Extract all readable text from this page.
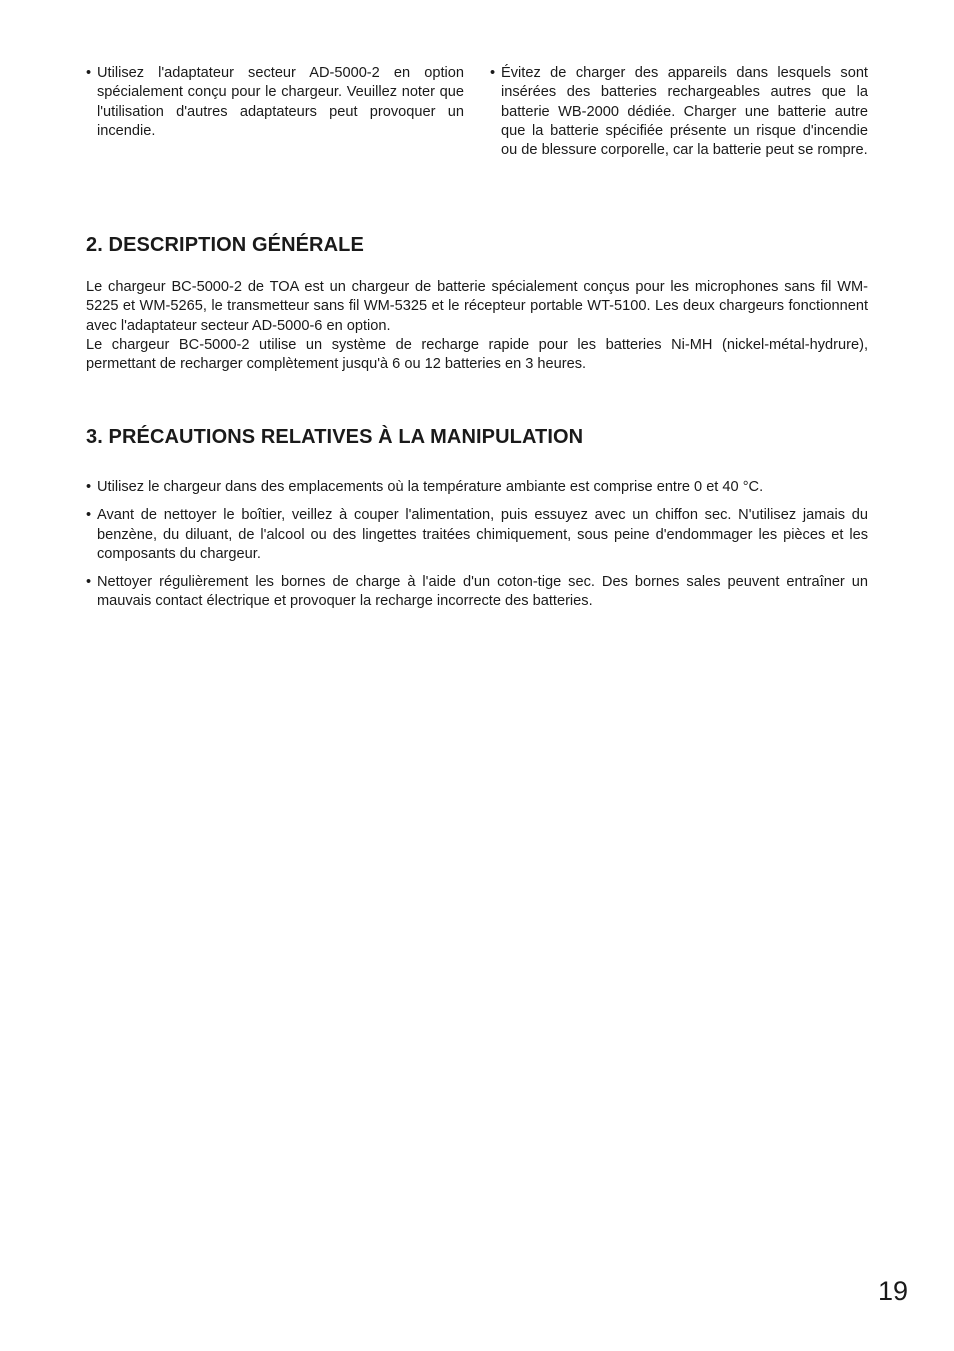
• Utilisez l'adaptateur secteur AD-5000-2 en option spécialement conçu pour le chargeur. Veuillez noter que l'utilisation d'autres adaptateurs peut provoquer un incendie.
• Évitez de charger des appareils dans lesquels sont insérées des batteries rechargeables autres que la batterie WB-2000 dédiée. Charger une batterie autre que la batterie spécifiée présente un risque d'incendie ou de blessure corporelle, car la batterie peut se rompre.
2. DESCRIPTION GÉNÉRALE

Le chargeur BC-5000-2 de TOA est un chargeur de batterie spécialement conçus pour les microphones sans fil WM-5225 et WM-5265, le transmetteur sans fil WM-5325 et le récepteur portable WT-5100. Les deux chargeurs fonctionnent avec l'adaptateur secteur AD-5000-6 en option.

Le chargeur BC-5000-2 utilise un système de recharge rapide pour les batteries Ni-MH (nickel-métal-hydrure), permettant de recharger complètement jusqu'à 6 ou 12 batteries en 3 heures.

3. PRÉCAUTIONS RELATIVES À LA MANIPULATION
• Utilisez le chargeur dans des emplacements où la température ambiante est comprise entre 0 et 40 °C.
• Avant de nettoyer le boîtier, veillez à couper l'alimentation, puis essuyez avec un chiffon sec. N'utilisez jamais du benzène, du diluant, de l'alcool ou des lingettes traitées chimiquement, sous peine d'endommager les pièces et les composants du chargeur.
• Nettoyer régulièrement les bornes de charge à l'aide d'un coton-tige sec. Des bornes sales peuvent entraîner un mauvais contact électrique et provoquer la recharge incorrecte des batteries.
19
